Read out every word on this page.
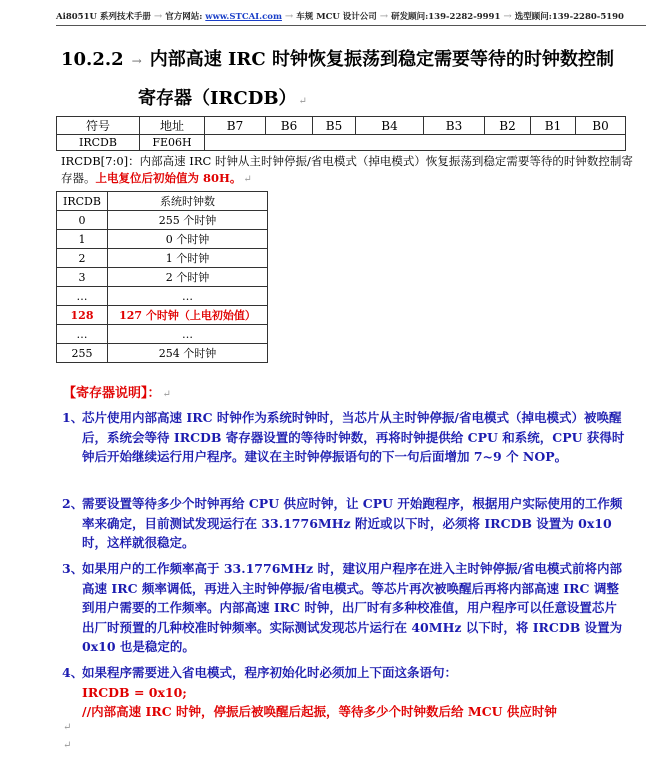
Ai8051U 系列技术手册 → 官方网站: www.STCAI.com → 车规 MCU 设计公司 → 研发顾问:139-2282-9991 → 选型顾问:139-2280-5190
10.2.2 → 内部高速 IRC 时钟恢复振荡到稳定需要等待的时钟数控制
寄存器（IRCDB） ↵
符号	地址	B7	B6	B5	B4	B3	B2	B1	B0
IRCDB	FE06H								
IRCDB[7:0]：内部高速 IRC 时钟从主时钟停振/省电模式（掉电模式）恢复振荡到稳定需要等待的时钟数控制寄存器。上电复位后初始值为 80H。 ↵
IRCDB	系统时钟数
0	255 个时钟
1	0 个时钟
2	1 个时钟
3	2 个时钟
…	…
128	127 个时钟（上电初始值）
…	…
255	254 个时钟
【寄存器说明】： ↵
1、
芯片使用内部高速 IRC 时钟作为系统时钟时，当芯片从主时钟停振/省电模式（掉电模式）被唤醒后，系统会等待 IRCDB 寄存器设置的等待时钟数，再将时钟提供给 CPU 和系统，CPU 获得时钟后开始继续运行用户程序。建议在主时钟停振语句的下一句后面增加 7~9 个 NOP。
2、
需要设置等待多少个时钟再给 CPU 供应时钟，让 CPU 开始跑程序，根据用户实际使用的工作频率来确定，目前测试发现运行在 33.1776MHz 附近或以下时，必须将 IRCDB 设置为 0x10 时，这样就很稳定。
3、
如果用户的工作频率高于 33.1776MHz 时，建议用户程序在进入主时钟停振/省电模式前将内部高速 IRC 频率调低，再进入主时钟停振/省电模式。等芯片再次被唤醒后再将内部高速 IRC 调整到用户需要的工作频率。内部高速 IRC 时钟，出厂时有多种校准值，用户程序可以任意设置芯片出厂时预置的几种校准时钟频率。实际测试发现芯片运行在 40MHz 以下时，将 IRCDB 设置为 0x10 也是稳定的。
4、
如果程序需要进入省电模式，程序初始化时必须加上下面这条语句：
IRCDB = 0x10;
//内部高速 IRC 时钟，停振后被唤醒后起振，等待多少个时钟数后给 MCU 供应时钟
↵
↵
